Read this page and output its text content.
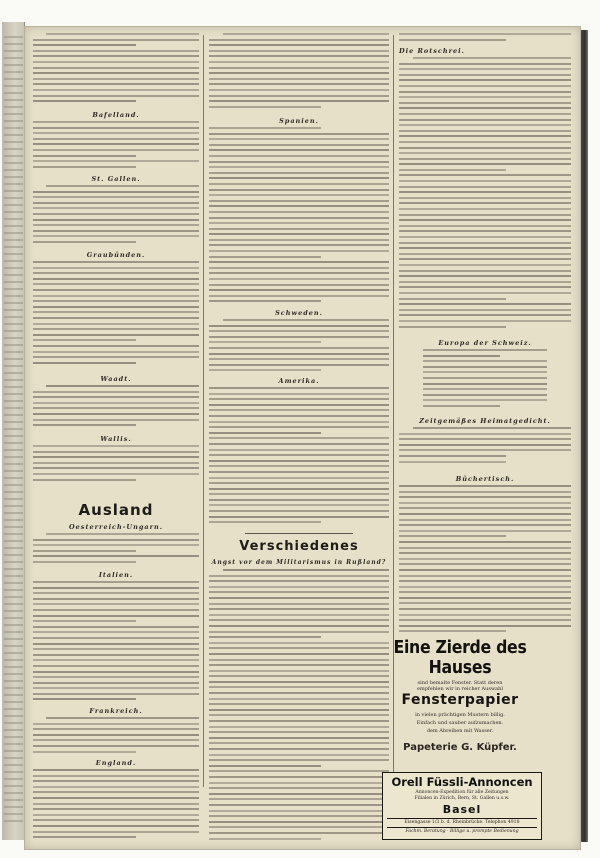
Bafelland.
St. Gallen.
Graubünden.
Waadt.
Wallis.
Ausland
Oesterreich-Ungarn.
Italien.
Frankreich.
England.
Spanien.
Schweden.
Amerika.
Verschiedenes
Angst vor dem Militarismus in Rußland?
Die Rotschrei.
Europa der Schweiz.
Zeitgemäßes Heimatgedicht.
Büchertisch.
Eine Zierde des
Hauses
sind bemalte Fenster. Statt deren
empfehlen wir in reicher Auswahl
Fensterpapier
in vielen prächtigen Mustern billig.
Einfach und sauber aufzumachen.
dem Abreiben mit Wasser.
Papeterie G. Küpfer.
Orell Füssli-Annoncen
Annoncen-Expedition für alle Zeitungen
Filialen in Zürich, Bern, St. Gallen u.s.w.
Basel
Eisengasse 1/3 b. d. Rheinbrücke. Telephon 4918
Fachm. Beratung · Billige u. prompte Bedienung
